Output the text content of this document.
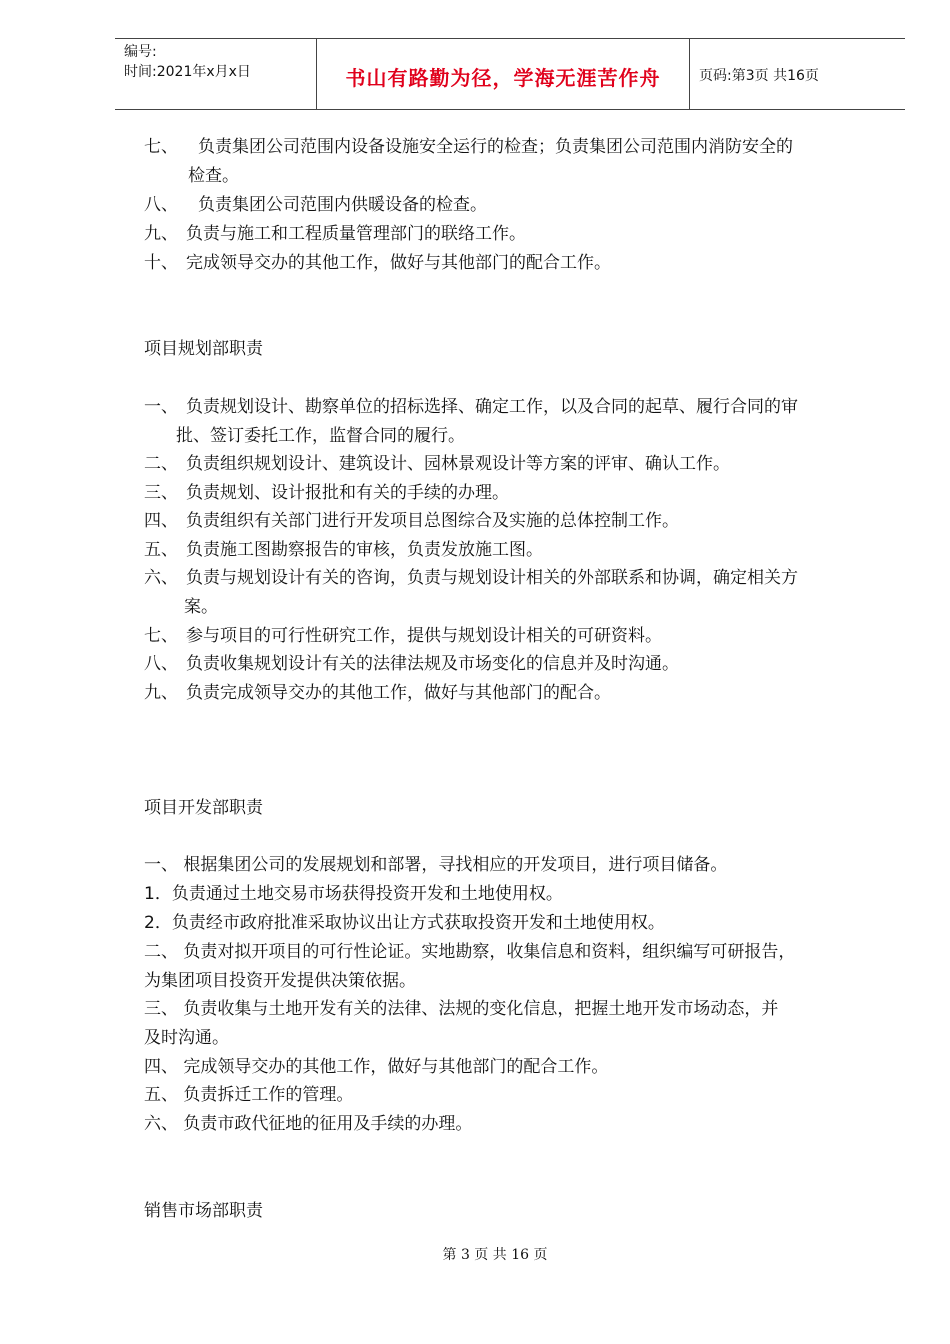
编号:
时间:2021年x月x日	书山有路勤为径，学海无涯苦作舟	页码:第3页 共16页
七、 负责集团公司范围内设备设施安全运行的检查；负责集团公司范围内消防安全的
检查。
八、 负责集团公司范围内供暖设备的检查。
九、 负责与施工和工程质量管理部门的联络工作。
十、 完成领导交办的其他工作，做好与其他部门的配合工作。
项目规划部职责
一、 负责规划设计、勘察单位的招标选择、确定工作，以及合同的起草、履行合同的审
批、签订委托工作，监督合同的履行。
二、 负责组织规划设计、建筑设计、园林景观设计等方案的评审、确认工作。
三、 负责规划、设计报批和有关的手续的办理。
四、 负责组织有关部门进行开发项目总图综合及实施的总体控制工作。
五、 负责施工图勘察报告的审核，负责发放施工图。
六、 负责与规划设计有关的咨询，负责与规划设计相关的外部联系和协调，确定相关方
案。
七、 参与项目的可行性研究工作，提供与规划设计相关的可研资料。
八、 负责收集规划设计有关的法律法规及市场变化的信息并及时沟通。
九、 负责完成领导交办的其他工作，做好与其他部门的配合。
项目开发部职责
一、 根据集团公司的发展规划和部署，寻找相应的开发项目，进行项目储备。
1．负责通过土地交易市场获得投资开发和土地使用权。
2．负责经市政府批准采取协议出让方式获取投资开发和土地使用权。
二、 负责对拟开项目的可行性论证。实地勘察，收集信息和资料，组织编写可研报告，
为集团项目投资开发提供决策依据。
三、 负责收集与土地开发有关的法律、法规的变化信息，把握土地开发市场动态，并
及时沟通。
四、 完成领导交办的其他工作，做好与其他部门的配合工作。
五、 负责拆迁工作的管理。
六、 负责市政代征地的征用及手续的办理。
销售市场部职责
第 3 页 共 16 页
